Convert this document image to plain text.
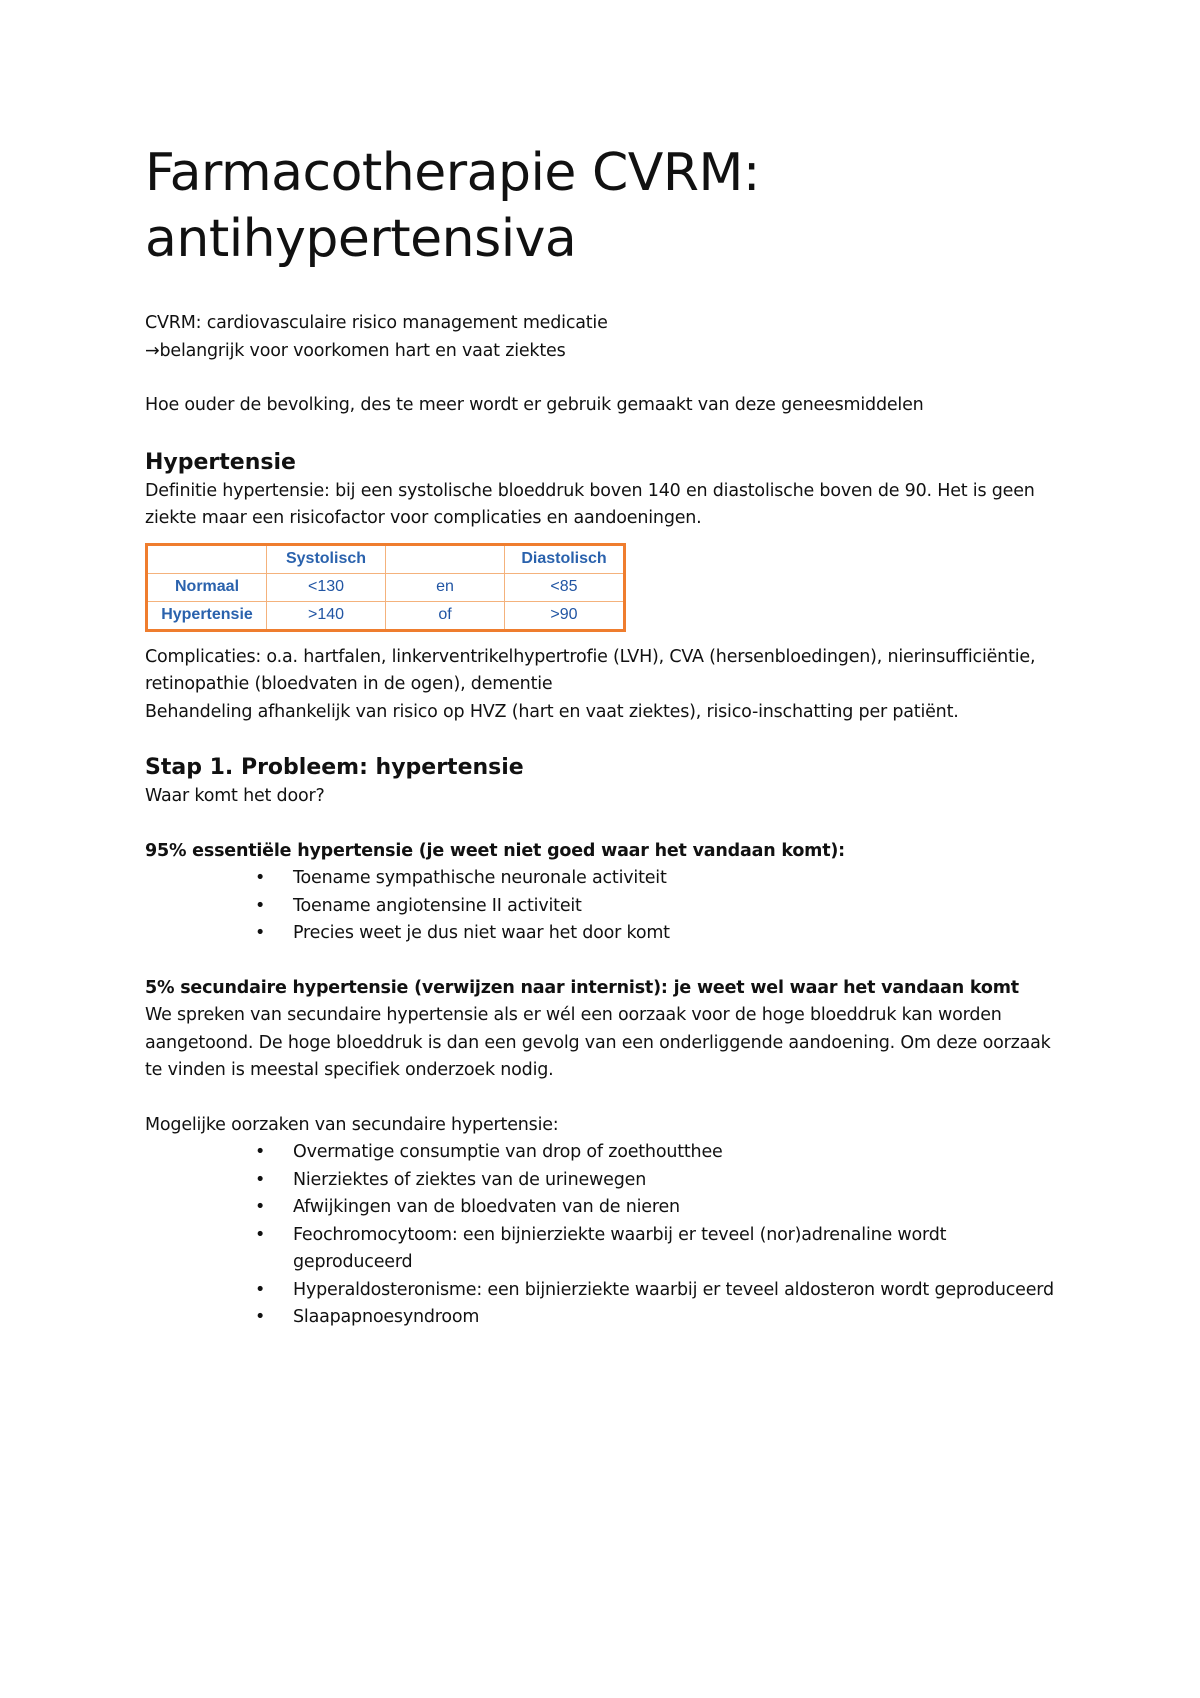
Farmacotherapie CVRM:
antihypertensiva

CVRM: cardiovasculaire risico management medicatie

→belangrijk voor voorkomen hart en vaat ziektes

Hoe ouder de bevolking, des te meer wordt er gebruik gemaakt van deze geneesmiddelen

Hypertensie

Definitie hypertensie: bij een systolische bloeddruk boven 140 en diastolische boven de 90. Het is geen ziekte maar een risicofactor voor complicaties en aandoeningen.

	Systolisch		Diastolisch
Normaal	<130	en	<85
Hypertensie	>140	of	>90

Complicaties: o.a. hartfalen, linkerventrikelhypertrofie (LVH), CVA (hersenbloedingen), nierinsufficiëntie, retinopathie (bloedvaten in de ogen), dementie

Behandeling afhankelijk van risico op HVZ (hart en vaat ziektes), risico-inschatting per patiënt.

Stap 1. Probleem: hypertensie

Waar komt het door?

95% essentiële hypertensie (je weet niet goed waar het vandaan komt):

• Toename sympathische neuronale activiteit
• Toename angiotensine II activiteit
• Precies weet je dus niet waar het door komt

5% secundaire hypertensie (verwijzen naar internist): je weet wel waar het vandaan komt

We spreken van secundaire hypertensie als er wél een oorzaak voor de hoge bloeddruk kan worden aangetoond. De hoge bloeddruk is dan een gevolg van een onderliggende aandoening. Om deze oorzaak te vinden is meestal specifiek onderzoek nodig.

Mogelijke oorzaken van secundaire hypertensie:

• Overmatige consumptie van drop of zoethoutthee
• Nierziektes of ziektes van de urinewegen
• Afwijkingen van de bloedvaten van de nieren
• Feochromocytoom: een bijnierziekte waarbij er teveel (nor)adrenaline wordt geproduceerd
• Hyperaldosteronisme: een bijnierziekte waarbij er teveel aldosteron wordt geproduceerd
• Slaapapnoesyndroom
